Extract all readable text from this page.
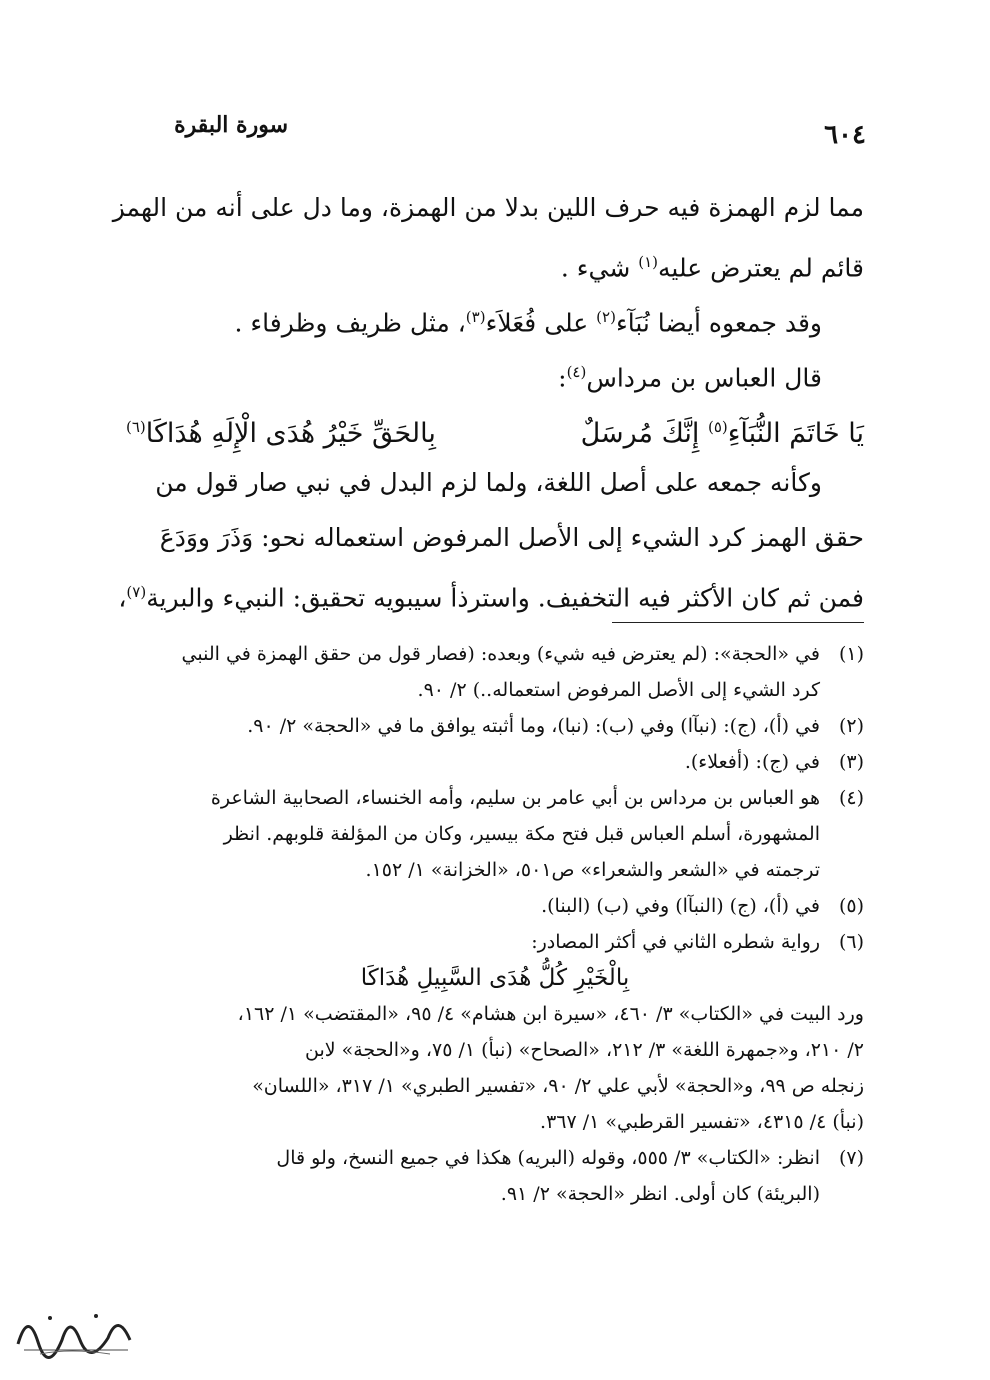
سورة البقرة	٦٠٤
مما لزم الهمزة فيه حرف اللين بدلا من الهمزة، وما دل على أنه من الهمز
قائم لم يعترض عليه$^{(١)}$ شيء .
وقد جمعوه أيضا نُبَآء$^{(٢)}$ على فُعَلاَء$^{(٣)}$، مثل ظريف وظرفاء .
قال العباس بن مرداس$^{(٤)}$:
يَا خَاتَمَ النُّبَآءِ$^{(٥)}$ إِنَّكَ مُرسَلٌ
بِالحَقِّ خَيْرُ هُدَى الْإِلَهِ هُدَاكَا$^{(٦)}$
وكأنه جمعه على أصل اللغة، ولما لزم البدل في نبي صار قول من
حقق الهمز كرد الشيء إلى الأصل المرفوض استعماله نحو: وَذَرَ ووَدَعَ
فمن ثم كان الأكثر فيه التخفيف. واسترذأ سيبويه تحقيق: النبيء والبرية$^{(٧)}$،
(١)
في «الحجة»: (لم يعترض فيه شيء) وبعده: (فصار قول من حقق الهمزة في النبي
كرد الشيء إلى الأصل المرفوض استعماله..) ٢/ ٩٠.
(٢)
في (أ)، (ج): (نبآا) وفي (ب): (نبا)، وما أثبته يوافق ما في «الحجة» ٢/ ٩٠.
(٣)
في (ج): (أفعلاء).
(٤)
هو العباس بن مرداس بن أبي عامر بن سليم، وأمه الخنساء، الصحابية الشاعرة
المشهورة، أسلم العباس قبل فتح مكة بيسير، وكان من المؤلفة قلوبهم. انظر
ترجمته في «الشعر والشعراء» ص٥٠١، «الخزانة» ١/ ١٥٢.
(٥)
في (أ)، (ج) (النبآا) وفي (ب) (البنا).
(٦)
رواية شطره الثاني في أكثر المصادر:
بِالْخَيْرِ كُلُّ هُدَى السَّبِيلِ هُدَاكَا
ورد البيت في «الكتاب» ٣/ ٤٦٠، «سيرة ابن هشام» ٤/ ٩٥، «المقتضب» ١/ ١٦٢،
٢/ ٢١٠، و«جمهرة اللغة» ٣/ ٢١٢، «الصحاح» (نبأ) ١/ ٧٥، و«الحجة» لابن
زنجله ص ٩٩، و«الحجة» لأبي علي ٢/ ٩٠، «تفسير الطبري» ١/ ٣١٧، «اللسان»
(نبأ) ٤/ ٤٣١٥، «تفسير القرطبي» ١/ ٣٦٧.
(٧)
انظر: «الكتاب» ٣/ ٥٥٥، وقوله (البريه) هكذا في جميع النسخ، ولو قال
(البريئة) كان أولى. انظر «الحجة» ٢/ ٩١.
